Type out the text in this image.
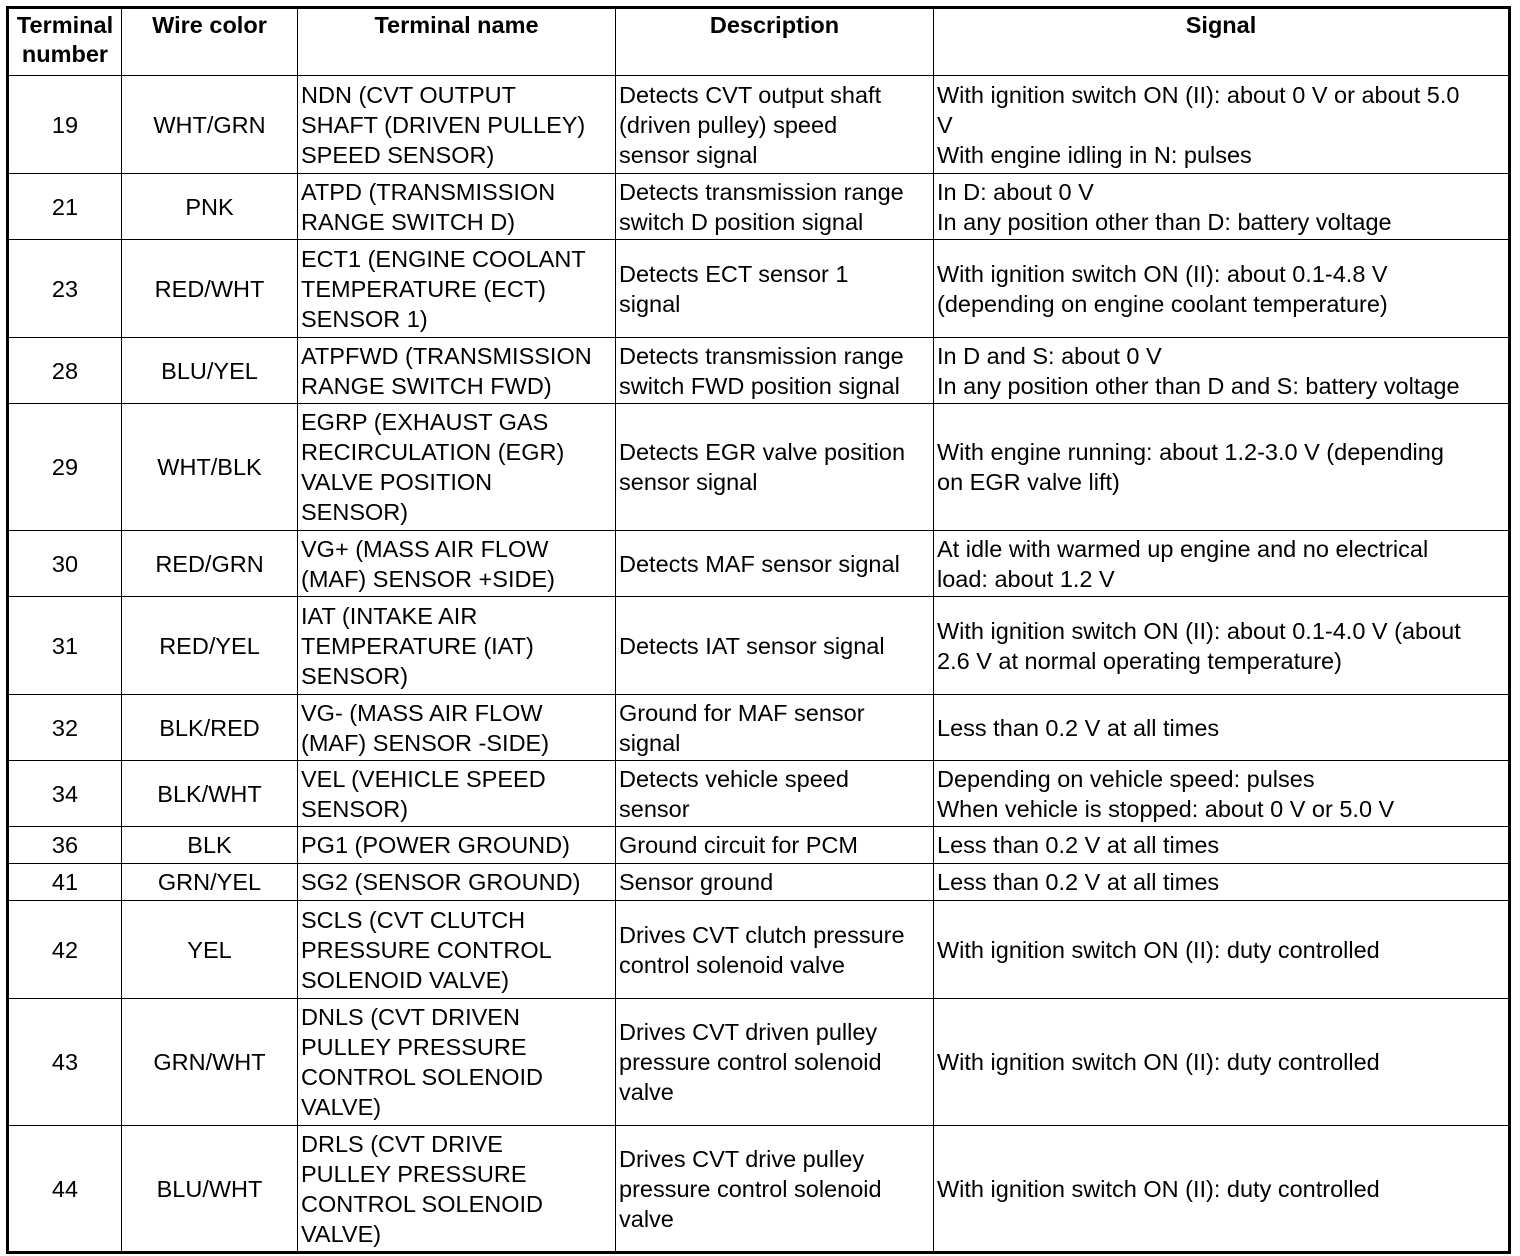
Terminal
number	Wire color	Terminal name	Description	Signal
19	WHT/GRN	NDN (CVT OUTPUT
SHAFT (DRIVEN PULLEY)
SPEED SENSOR)	Detects CVT output shaft
(driven pulley) speed
sensor signal	With ignition switch ON (II): about 0 V or about 5.0
V
With engine idling in N: pulses

21	PNK	ATPD (TRANSMISSION
RANGE SWITCH D)	Detects transmission range
switch D position signal	In D: about 0 V
In any position other than D: battery voltage

23	RED/WHT	ECT1 (ENGINE COOLANT
TEMPERATURE (ECT)
SENSOR 1)	Detects ECT sensor 1
signal	With ignition switch ON (II): about 0.1-4.8 V
(depending on engine coolant temperature)

28	BLU/YEL	ATPFWD (TRANSMISSION
RANGE SWITCH FWD)	Detects transmission range
switch FWD position signal	In D and S: about 0 V
In any position other than D and S: battery voltage

29	WHT/BLK	EGRP (EXHAUST GAS
RECIRCULATION (EGR)
VALVE POSITION
SENSOR)	Detects EGR valve position
sensor signal	With engine running: about 1.2-3.0 V (depending
on EGR valve lift)

30	RED/GRN	VG+ (MASS AIR FLOW
(MAF) SENSOR +SIDE)	Detects MAF sensor signal	At idle with warmed up engine and no electrical
load: about 1.2 V

31	RED/YEL	IAT (INTAKE AIR
TEMPERATURE (IAT)
SENSOR)	Detects IAT sensor signal	With ignition switch ON (II): about 0.1-4.0 V (about
2.6 V at normal operating temperature)

32	BLK/RED	VG- (MASS AIR FLOW
(MAF) SENSOR -SIDE)	Ground for MAF sensor
signal	Less than 0.2 V at all times

34	BLK/WHT	VEL (VEHICLE SPEED
SENSOR)	Detects vehicle speed
sensor	Depending on vehicle speed: pulses
When vehicle is stopped: about 0 V or 5.0 V

36	BLK	PG1 (POWER GROUND)	Ground circuit for PCM	Less than 0.2 V at all times

41	GRN/YEL	SG2 (SENSOR GROUND)	Sensor ground	Less than 0.2 V at all times

42	YEL	SCLS (CVT CLUTCH
PRESSURE CONTROL
SOLENOID VALVE)	Drives CVT clutch pressure
control solenoid valve	With ignition switch ON (II): duty controlled

43	GRN/WHT	DNLS (CVT DRIVEN
PULLEY PRESSURE
CONTROL SOLENOID
VALVE)	Drives CVT driven pulley
pressure control solenoid
valve	With ignition switch ON (II): duty controlled

44	BLU/WHT	DRLS (CVT DRIVE
PULLEY PRESSURE
CONTROL SOLENOID
VALVE)	Drives CVT drive pulley
pressure control solenoid
valve	With ignition switch ON (II): duty controlled
